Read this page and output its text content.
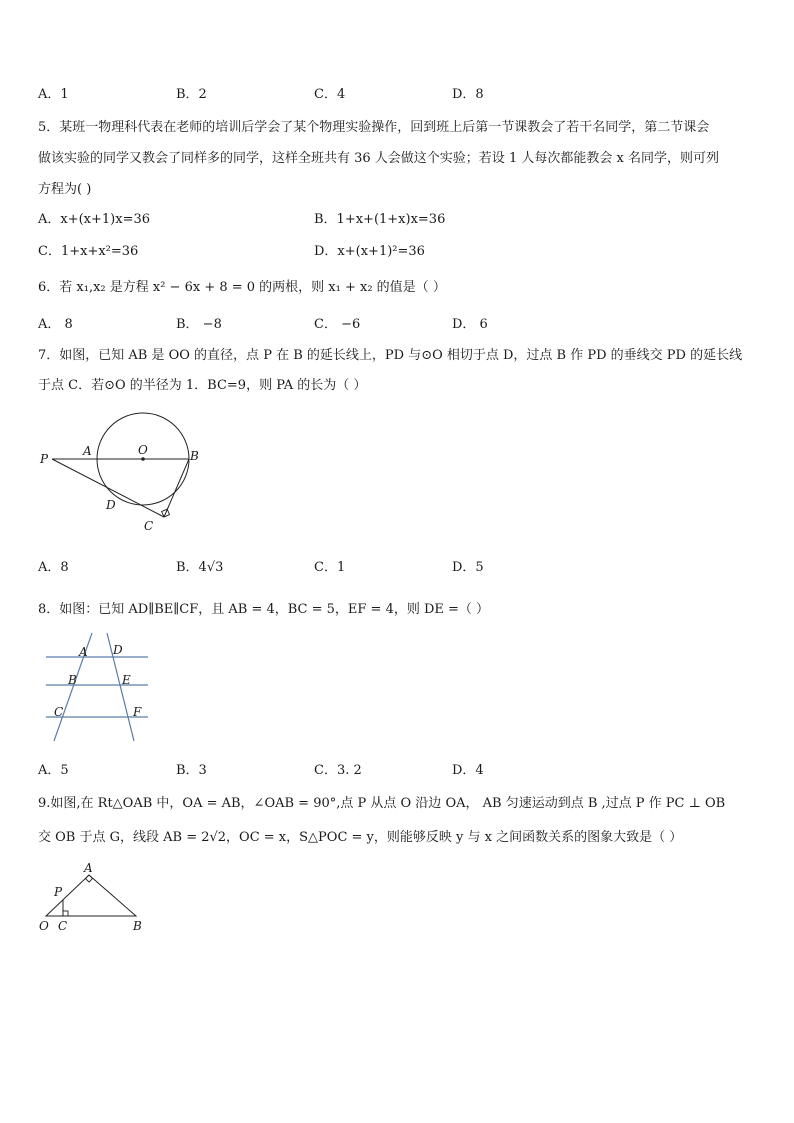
A．1	B．2	C．4	D．8
5．某班一物理科代表在老师的培训后学会了某个物理实验操作，回到班上后第一节课教会了若干名同学，第二节课会
做该实验的同学又教会了同样多的同学，这样全班共有 36 人会做这个实验；若设 1 人每次都能教会 x 名同学，则可列
方程为( )
A．x+(x+1)x=36	B．1+x+(1+x)x=36
C．1+x+x²=36	D．x+(x+1)²=36
6．若 x₁,x₂ 是方程 x² − 6x + 8 = 0 的两根，则 x₁ + x₂ 的值是（ ）
A． 8	B． −8	C． −6	D． 6
7．如图，已知 AB 是 OO 的直径，点 P 在 B 的延长线上，PD 与⊙O 相切于点 D，过点 B 作 PD 的垂线交 PD 的延长线
于点 C．若⊙O 的半径为 1．BC=9，则 PA 的长为（ ）
P
A	O	B
D
C
A．8	B．4√3	C．1	D．5
8．如图：已知 AD∥BE∥CF，且 AB = 4，BC = 5，EF = 4，则 DE =（ ）
A D
B	E
C	F
A．5	B．3	C．3. 2	D．4
9.如图,在 Rt△OAB 中，OA = AB，∠OAB = 90°,点 P 从点 O 沿边 OA， AB 匀速运动到点 B ,过点 P 作 PC ⊥ OB
交 OB 于点 G，线段 AB = 2√2，OC = x，S△POC = y，则能够反映 y 与 x 之间函数关系的图象大致是（ ）
A
P
O C	B
